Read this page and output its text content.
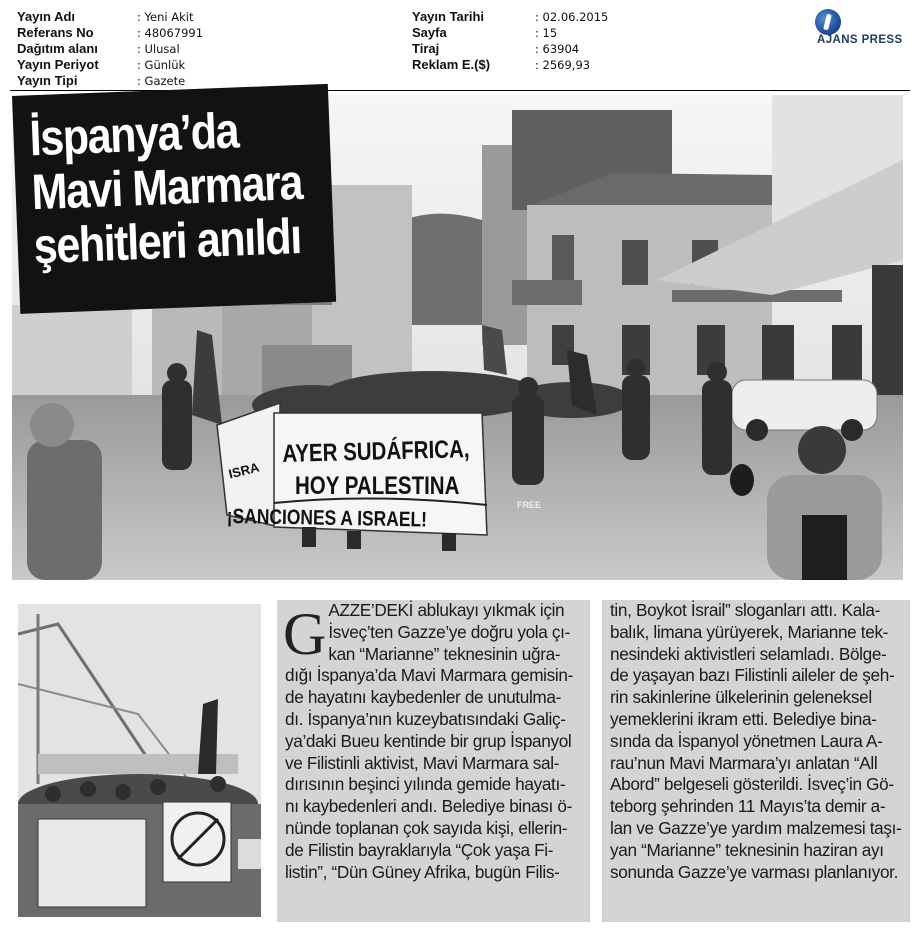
Yayın Adı	: Yeni Akit
Referans No	: 48067991
Dağıtım alanı	: Ulusal
Yayın Periyot	: Günlük
Yayın Tipi	: Gazete
Yayın Tarihi	: 02.06.2015
Sayfa	: 15
Tiraj	: 63904
Reklam E.($)	: 2569,93
AJANS PRESS
AYER SUDÁFRICA,
HOY PALESTINA
¡SANCIONES A ISRAEL!
ISRA
FREE
İspanya’da
Mavi Marmara
şehitleri anıldı
G AZZE’DEKİ ablukayı yıkmak için

İsveç’ten Gazze’ye doğru yola çı-

kan “Marianne” teknesinin uğra-

dığı İspanya’da Mavi Marmara gemisin-

de hayatını kaybedenler de unutulma-

dı. İspanya’nın kuzeybatısındaki Galiç-

ya’daki Bueu kentinde bir grup İspanyol

ve Filistinli aktivist, Mavi Marmara sal-

dırısının beşinci yılında gemide hayatı-

nı kaybedenleri andı. Belediye binası ö-

nünde toplanan çok sayıda kişi, ellerin-

de Filistin bayraklarıyla “Çok yaşa Fi-

listin”, “Dün Güney Afrika, bugün Filis-

tin, Boykot İsrail” sloganları attı. Kala-

balık, limana yürüyerek, Marianne tek-

nesindeki aktivistleri selamladı. Bölge-

de yaşayan bazı Filistinli aileler de şeh-

rin sakinlerine ülkelerinin geleneksel

yemeklerini ikram etti. Belediye bina-

sında da İspanyol yönetmen Laura A-

rau’nun Mavi Marmara’yı anlatan “All

Abord” belgeseli gösterildi. İsveç’in Gö-

teborg şehrinden 11 Mayıs’ta demir a-

lan ve Gazze’ye yardım malzemesi taşı-

yan “Marianne” teknesinin haziran ayı

sonunda Gazze’ye varması planlanıyor.
